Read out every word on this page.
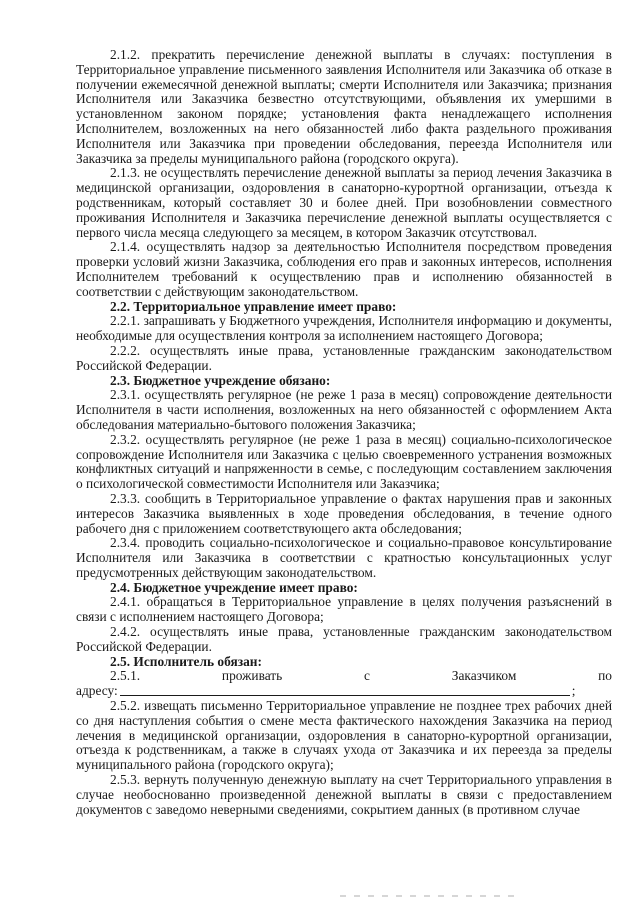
2.1.2. прекратить перечисление денежной выплаты в случаях: поступления в Территориальное управление письменного заявления Исполнителя или Заказчика об отказе в получении ежемесячной денежной выплаты; смерти Исполнителя или Заказчика; признания Исполнителя или Заказчика безвестно отсутствующими, объявления их умершими в установленном законом порядке; установления факта ненадлежащего исполнения Исполнителем, возложенных на него обязанностей либо факта раздельного проживания Исполнителя или Заказчика при проведении обследования, переезда Исполнителя или Заказчика за пределы муниципального района (городского округа).

2.1.3. не осуществлять перечисление денежной выплаты за период лечения Заказчика в медицинской организации, оздоровления в санаторно-курортной организации, отъезда к родственникам, который составляет 30 и более дней. При возобновлении совместного проживания Исполнителя и Заказчика перечисление денежной выплаты осуществляется с первого числа месяца следующего за месяцем, в котором Заказчик отсутствовал.

2.1.4. осуществлять надзор за деятельностью Исполнителя посредством проведения проверки условий жизни Заказчика, соблюдения его прав и законных интересов, исполнения Исполнителем требований к осуществлению прав и исполнению обязанностей в соответствии с действующим законодательством.

2.2. Территориальное управление имеет право:

2.2.1. запрашивать у Бюджетного учреждения, Исполнителя информацию и документы, необходимые для осуществления контроля за исполнением настоящего Договора;

2.2.2. осуществлять иные права, установленные гражданским законодательством Российской Федерации.

2.3. Бюджетное учреждение обязано:

2.3.1. осуществлять регулярное (не реже 1 раза в месяц) сопровождение деятельности Исполнителя в части исполнения, возложенных на него обязанностей с оформлением Акта обследования материально-бытового положения Заказчика;

2.3.2. осуществлять регулярное (не реже 1 раза в месяц) социально-психологическое сопровождение Исполнителя или Заказчика с целью своевременного устранения возможных конфликтных ситуаций и напряженности в семье, с последующим составлением заключения о психологической совместимости Исполнителя или Заказчика;

2.3.3. сообщить в Территориальное управление о фактах нарушения прав и законных интересов Заказчика выявленных в ходе проведения обследования, в течение одного рабочего дня с приложением соответствующего акта обследования;

2.3.4. проводить социально-психологическое и социально-правовое консультирование Исполнителя или Заказчика в соответствии с кратностью консультационных услуг предусмотренных действующим законодательством.

2.4. Бюджетное учреждение имеет право:

2.4.1. обращаться в Территориальное управление в целях получения разъяснений в связи с исполнением настоящего Договора;

2.4.2. осуществлять иные права, установленные гражданским законодательством Российской Федерации.

2.5. Исполнитель обязан:

2.5.1.	проживать	с	Заказчиком	по
адресу:	;

2.5.2. извещать письменно Территориальное управление не позднее трех рабочих дней со дня наступления события о смене места фактического нахождения Заказчика на период лечения в медицинской организации, оздоровления в санаторно-курортной организации, отъезда к родственникам, а также в случаях ухода от Заказчика и их переезда за пределы муниципального района (городского округа);

2.5.3. вернуть полученную денежную выплату на счет Территориального управления в случае необоснованно произведенной денежной выплаты в связи с предоставлением документов с заведомо неверными сведениями, сокрытием данных (в противном случае
